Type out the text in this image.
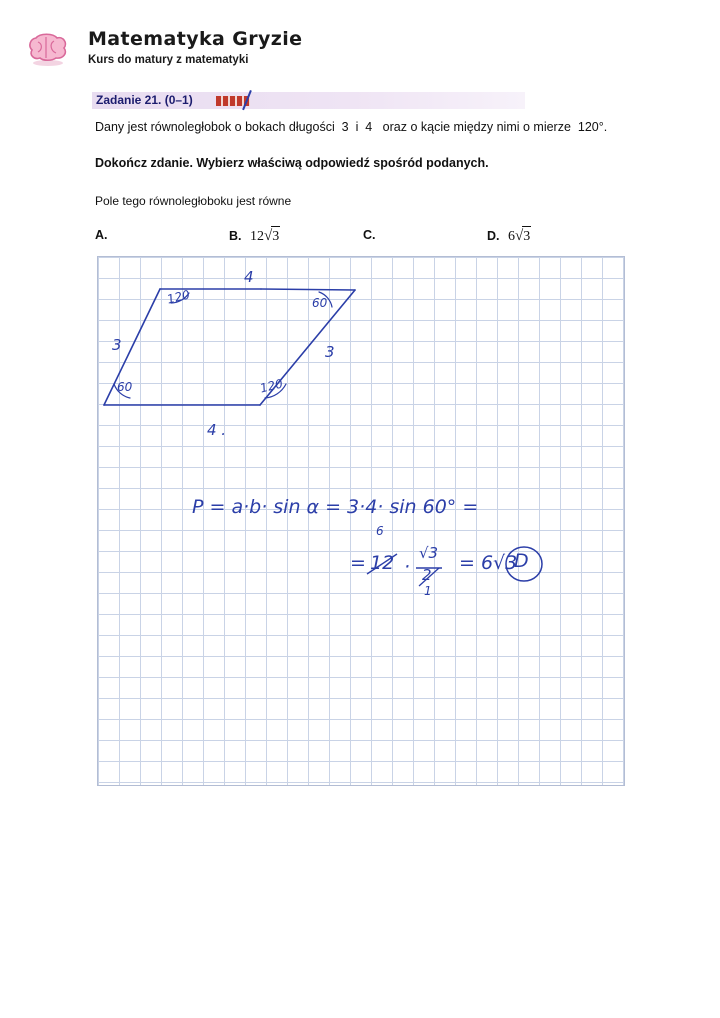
Matematyka Gryzie
Kurs do matury z matematyki
Zadanie 21. (0–1)
Dany jest równoległobok o bokach długości  3  i  4   oraz o kącie między nimi o mierze  120°.
Dokończ zdanie. Wybierz właściwą odpowiedź spośród podanych.
Pole tego równoległoboku jest równe
A.	B. 12√
3	C.	D. 6√
3
4
4 .
3	3
120	60
60	120
P = a·b· sin α = 3·4· sin 60° =
6
= 12 ·
√3
2
1
= 6√3
D
